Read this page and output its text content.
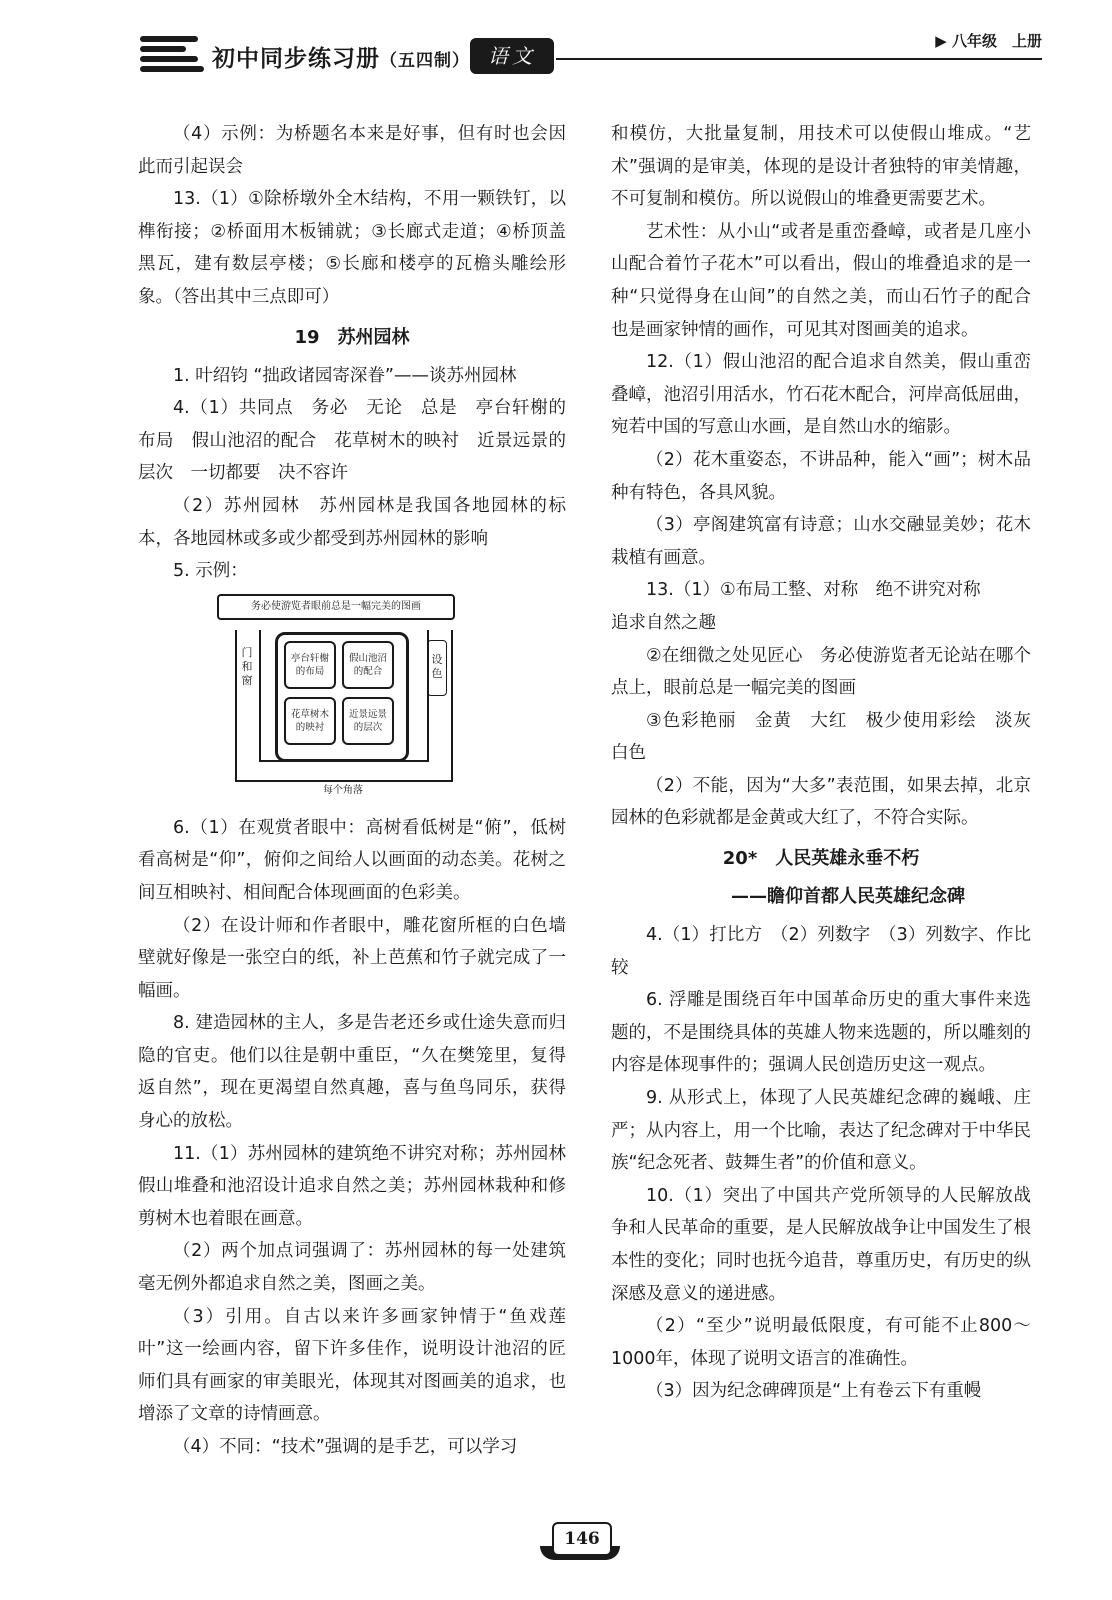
初中同步练习册（五四制） 语文
▶ 八年级　上册

（4）示例：为桥题名本来是好事，但有时也会因此而引起误会

13.（1）①除桥墩外全木结构，不用一颗铁钉，以榫衔接；②桥面用木板铺就；③长廊式走道；④桥顶盖黑瓦，建有数层亭楼；⑤长廊和楼亭的瓦檐头雕绘形象。（答出其中三点即可）

19　苏州园林

1. 叶绍钧 “拙政诸园寄深眷”——谈苏州园林

4.（1）共同点　务必　无论　总是　亭台轩榭的布局　假山池沼的配合　花草树木的映衬　近景远景的层次　一切都要　决不容许

（2）苏州园林　苏州园林是我国各地园林的标本，各地园林或多或少都受到苏州园林的影响

5. 示例：

务必使游览者眼前总是一幅完美的图画
门和窗
设色
亭台轩榭的布局
假山池沼的配合
花草树木的映衬
近景远景的层次
每个角落

6.（1）在观赏者眼中：高树看低树是“俯”，低树看高树是“仰”，俯仰之间给人以画面的动态美。花树之间互相映衬、相间配合体现画面的色彩美。

（2）在设计师和作者眼中，雕花窗所框的白色墙壁就好像是一张空白的纸，补上芭蕉和竹子就完成了一幅画。

8. 建造园林的主人，多是告老还乡或仕途失意而归隐的官吏。他们以往是朝中重臣，“久在樊笼里，复得返自然”，现在更渴望自然真趣，喜与鱼鸟同乐，获得身心的放松。

11.（1）苏州园林的建筑绝不讲究对称；苏州园林假山堆叠和池沼设计追求自然之美；苏州园林栽种和修剪树木也着眼在画意。

（2）两个加点词强调了：苏州园林的每一处建筑毫无例外都追求自然之美，图画之美。

（3）引用。自古以来许多画家钟情于“鱼戏莲叶”这一绘画内容，留下许多佳作，说明设计池沼的匠师们具有画家的审美眼光，体现其对图画美的追求，也增添了文章的诗情画意。

（4）不同：“技术”强调的是手艺，可以学习

和模仿，大批量复制，用技术可以使假山堆成。“艺术”强调的是审美，体现的是设计者独特的审美情趣，不可复制和模仿。所以说假山的堆叠更需要艺术。

艺术性：从小山“或者是重峦叠嶂，或者是几座小山配合着竹子花木”可以看出，假山的堆叠追求的是一种“只觉得身在山间”的自然之美，而山石竹子的配合也是画家钟情的画作，可见其对图画美的追求。

12.（1）假山池沼的配合追求自然美，假山重峦叠嶂，池沼引用活水，竹石花木配合，河岸高低屈曲，宛若中国的写意山水画，是自然山水的缩影。

（2）花木重姿态，不讲品种，能入“画”；树木品种有特色，各具风貌。

（3）亭阁建筑富有诗意；山水交融显美妙；花木栽植有画意。

13.（1）①布局工整、对称　绝不讲究对称

追求自然之趣

②在细微之处见匠心　务必使游览者无论站在哪个点上，眼前总是一幅完美的图画

③色彩艳丽　金黄　大红　极少使用彩绘　淡灰　白色

（2）不能，因为“大多”表范围，如果去掉，北京园林的色彩就都是金黄或大红了，不符合实际。

20*　人民英雄永垂不朽
——瞻仰首都人民英雄纪念碑

4.（1）打比方　（2）列数字　（3）列数字、作比较

6. 浮雕是围绕百年中国革命历史的重大事件来选题的，不是围绕具体的英雄人物来选题的，所以雕刻的内容是体现事件的；强调人民创造历史这一观点。

9. 从形式上，体现了人民英雄纪念碑的巍峨、庄严；从内容上，用一个比喻，表达了纪念碑对于中华民族“纪念死者、鼓舞生者”的价值和意义。

10.（1）突出了中国共产党所领导的人民解放战争和人民革命的重要，是人民解放战争让中国发生了根本性的变化；同时也抚今追昔，尊重历史，有历史的纵深感及意义的递进感。

（2）“至少”说明最低限度，有可能不止800～1000年，体现了说明文语言的准确性。

（3）因为纪念碑碑顶是“上有卷云下有重幔

146
